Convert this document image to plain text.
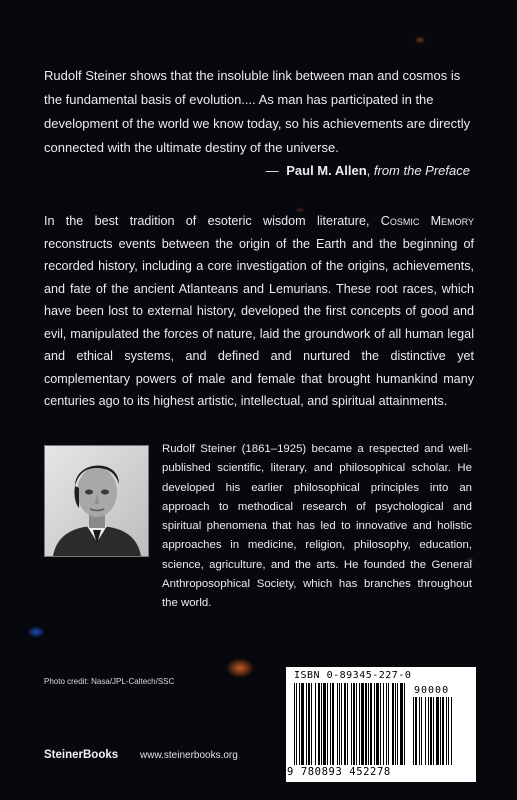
Rudolf Steiner shows that the insoluble link between man and cosmos is the fundamental basis of evolution.... As man has participated in the development of the world we know today, so his achievements are directly connected with the ultimate destiny of the universe.

— Paul M. Allen, from the Preface

In the best tradition of esoteric wisdom literature, Cosmic Memory reconstructs events between the origin of the Earth and the beginning of recorded history, including a core investigation of the origins, achievements, and fate of the ancient Atlanteans and Lemurians. These root races, which have been lost to external history, developed the first concepts of good and evil, manipulated the forces of nature, laid the groundwork of all human legal and ethical systems, and defined and nurtured the distinctive yet complementary powers of male and female that brought humankind many centuries ago to its highest artistic, intellectual, and spiritual attainments.

Rudolf Steiner (1861–1925) became a respected and well-published scientific, literary, and philosophical scholar. He developed his earlier philosophical principles into an approach to methodical research of psychological and spiritual phenomena that has led to innovative and holistic approaches in medicine, religion, philosophy, education, science, agriculture, and the arts. He founded the General Anthroposophical Society, which has branches throughout the world.

Photo credit: Nasa/JPL-Caltech/SSC
ISBN 0-89345-227-0
90000
9 780893 452278
SteinerBooks www.steinerbooks.org
